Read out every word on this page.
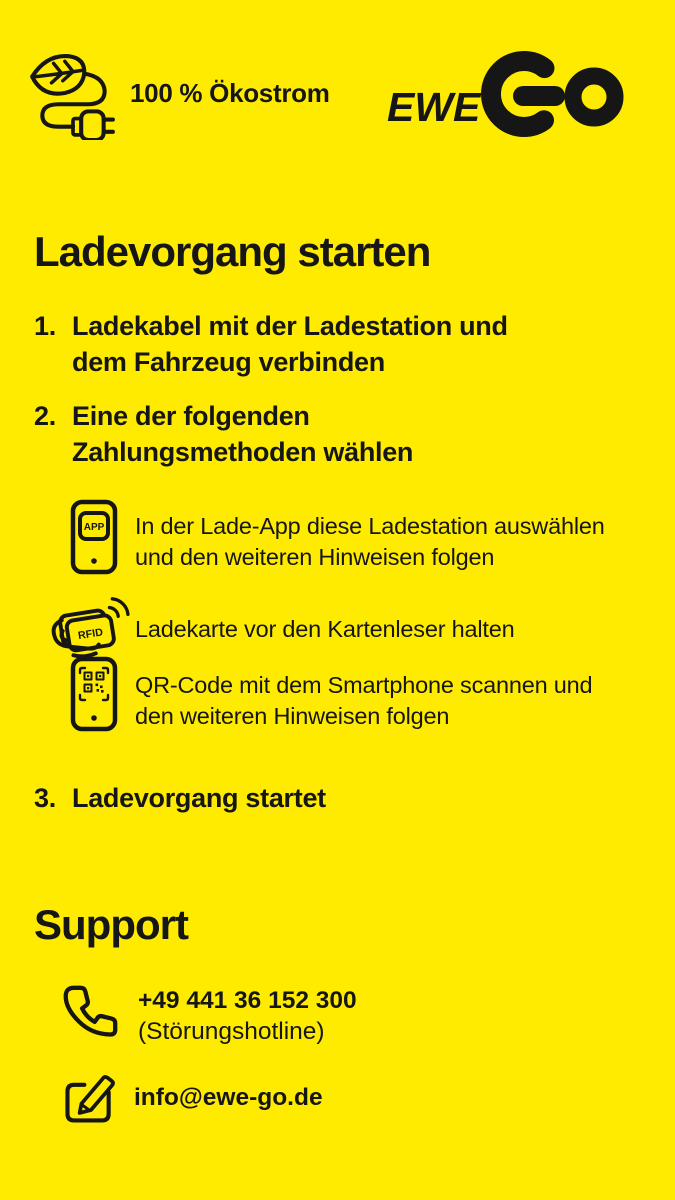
100 % Ökostrom EWE
Ladevorgang starten
1. Ladekabel mit der Ladestation und
dem Fahrzeug verbinden
2. Eine der folgenden
Zahlungsmethoden wählen
APP In der Lade-App diese Ladestation auswählen
und den weiteren Hinweisen folgen
RFID Ladekarte vor den Kartenleser halten
QR-Code mit dem Smartphone scannen und
den weiteren Hinweisen folgen
3. Ladevorgang startet
Support
+49 441 36 152 300
(Störungshotline)
info@ewe-go.de
